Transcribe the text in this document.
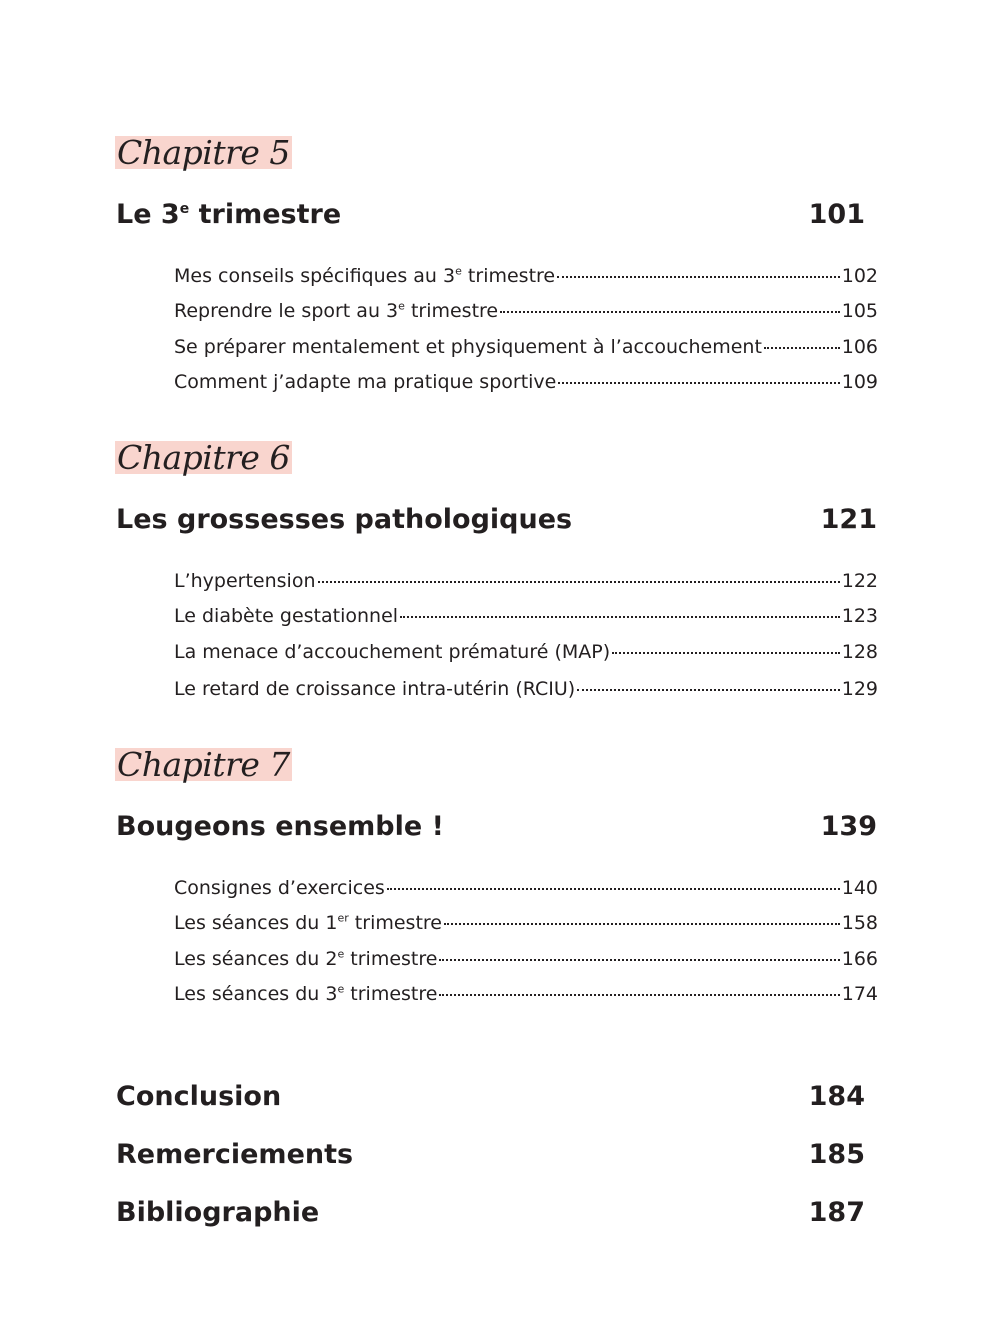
Chapitre 5
Le 3e trimestre	101
Mes conseils spécifiques au 3e trimestre	102
Reprendre le sport au 3e trimestre	105
Se préparer mentalement et physiquement à l’accouchement	106
Comment j’adapte ma pratique sportive	109
Chapitre 6
Les grossesses pathologiques	121
L’hypertension	122
Le diabète gestationnel	123
La menace d’accouchement prématuré (MAP)	128
Le retard de croissance intra-utérin (RCIU)	129
Chapitre 7
Bougeons ensemble !	139
Consignes d’exercices	140
Les séances du 1er trimestre	158
Les séances du 2e trimestre	166
Les séances du 3e trimestre	174
Conclusion	184
Remerciements	185
Bibliographie	187
